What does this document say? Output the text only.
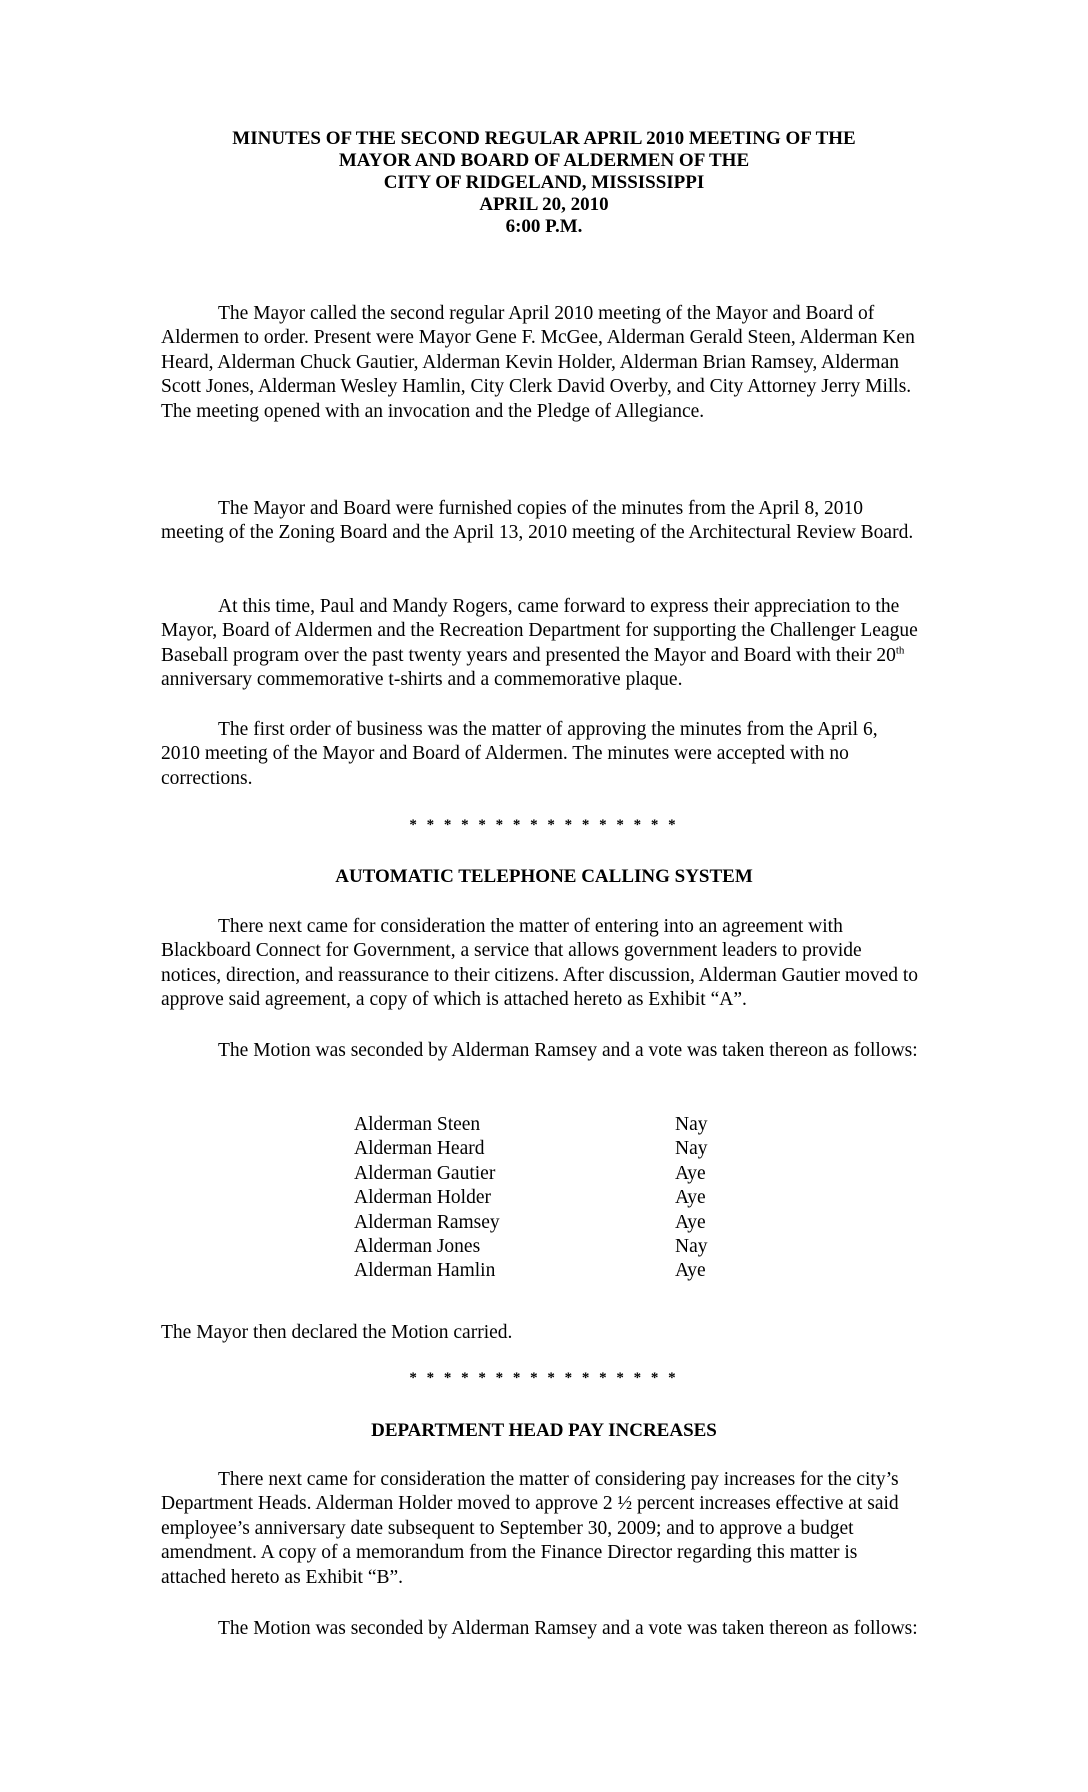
MINUTES OF THE SECOND REGULAR APRIL 2010 MEETING OF THE
MAYOR AND BOARD OF ALDERMEN OF THE
CITY OF RIDGELAND, MISSISSIPPI
APRIL 20, 2010
6:00 P.M.

The Mayor called the second regular April 2010 meeting of the Mayor and Board of Aldermen to order. Present were Mayor Gene F. McGee, Alderman Gerald Steen, Alderman Ken Heard, Alderman Chuck Gautier, Alderman Kevin Holder, Alderman Brian Ramsey, Alderman Scott Jones, Alderman Wesley Hamlin, City Clerk David Overby, and City Attorney Jerry Mills. The meeting opened with an invocation and the Pledge of Allegiance.

The Mayor and Board were furnished copies of the minutes from the April 8, 2010 meeting of the Zoning Board and the April 13, 2010 meeting of the Architectural Review Board.

At this time, Paul and Mandy Rogers, came forward to express their appreciation to the Mayor, Board of Aldermen and the Recreation Department for supporting the Challenger League Baseball program over the past twenty years and presented the Mayor and Board with their 20th anniversary commemorative t-shirts and a commemorative plaque.

The first order of business was the matter of approving the minutes from the April 6, 2010 meeting of the Mayor and Board of Aldermen. The minutes were accepted with no corrections.

* * * * * * * * * * * * * * * *
AUTOMATIC TELEPHONE CALLING SYSTEM

There next came for consideration the matter of entering into an agreement with Blackboard Connect for Government, a service that allows government leaders to provide notices, direction, and reassurance to their citizens. After discussion, Alderman Gautier moved to approve said agreement, a copy of which is attached hereto as Exhibit “A”.

The Motion was seconded by Alderman Ramsey and a vote was taken thereon as follows:

Alderman Steen	Nay
Alderman Heard	Nay
Alderman Gautier	Aye
Alderman Holder	Aye
Alderman Ramsey	Aye
Alderman Jones	Nay
Alderman Hamlin	Aye

The Mayor then declared the Motion carried.

* * * * * * * * * * * * * * * *
DEPARTMENT HEAD PAY INCREASES

There next came for consideration the matter of considering pay increases for the city’s Department Heads. Alderman Holder moved to approve 2 ½ percent increases effective at said employee’s anniversary date subsequent to September 30, 2009; and to approve a budget amendment. A copy of a memorandum from the Finance Director regarding this matter is attached hereto as Exhibit “B”.

The Motion was seconded by Alderman Ramsey and a vote was taken thereon as follows:
